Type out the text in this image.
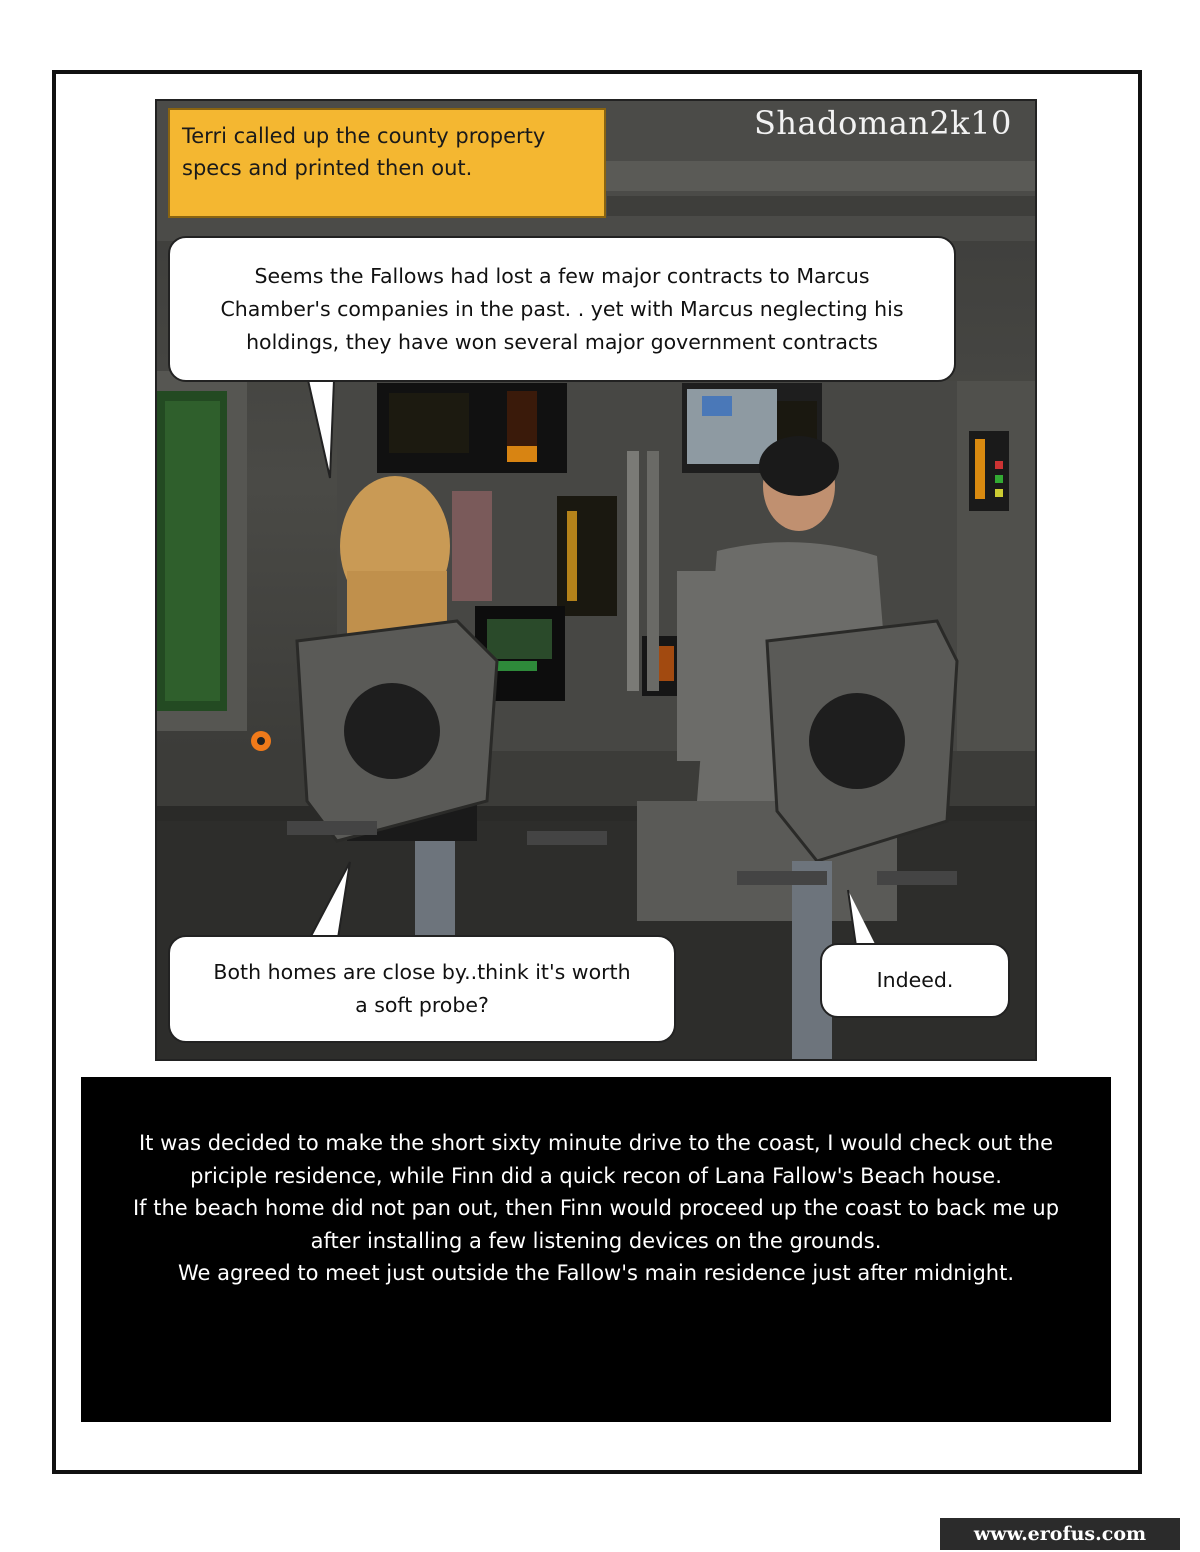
Terri called up the county property
specs and printed then out.
Shadoman2k10
Seems the Fallows had lost a few major contracts to Marcus
Chamber's companies in the past. . yet with Marcus neglecting his
holdings, they have won several major government contracts
Both homes are close by..think it's worth
a soft probe?
Indeed.

It was decided to make the short sixty minute drive to the coast, I would check out the

priciple residence, while Finn did a quick recon of Lana Fallow's Beach house.

If the beach home did not pan out, then Finn would proceed up the coast to back me up

after installing a few listening devices on the grounds.

We agreed to meet just outside the Fallow's main residence just after midnight.

www.erofus.com
